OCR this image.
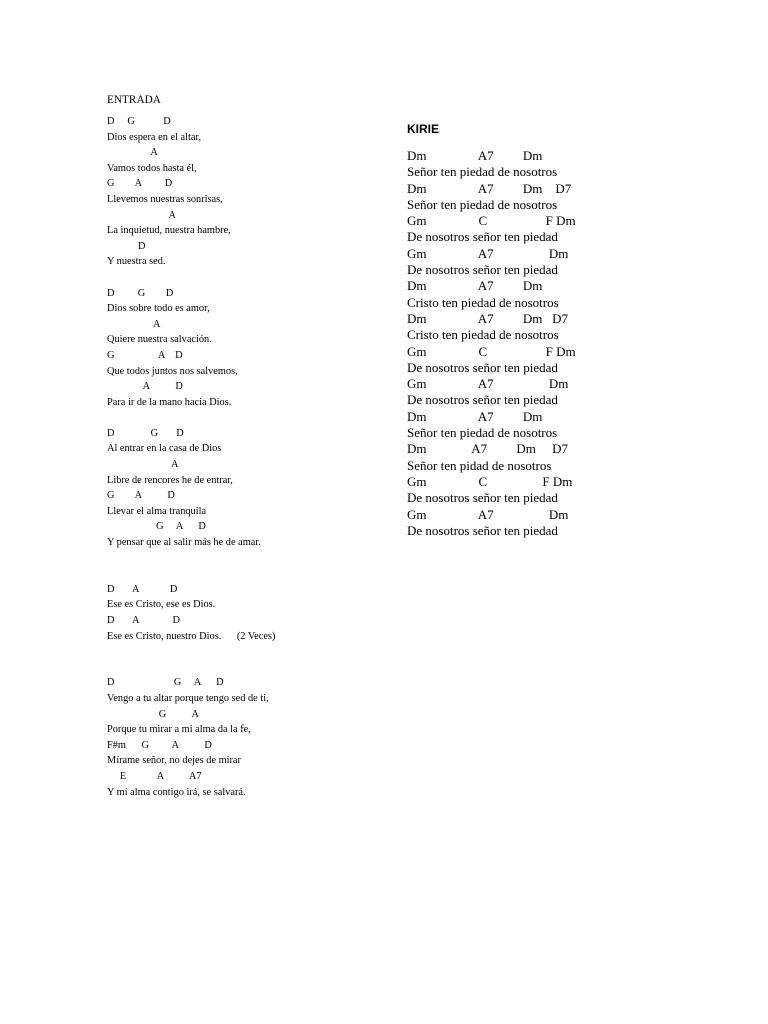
ENTRADA
D     G           D
Dios espera en el altar,
A
Vamos todos hasta él,
G        A         D
Llevemos nuestras sonrisas,
A
La inquietud, nuestra hambre,
D
Y nuestra sed.
D         G        D
Dios sobre todo es amor,
A
Quiere nuestra salvación.
G                 A    D
Que todos juntos nos salvemos,
A          D
Para ir de la mano hacia Dios.
D              G       D
Al entrar en la casa de Dios
A
Libre de rencores he de entrar,
G        A          D
Llevar el alma tranquila
G     A      D
Y pensar que al salir más he de amar.
D       A            D
Ese es Cristo, ese es Dios.
D       A             D
Ese es Cristo, nuestro Dios.      (2 Veces)
D                       G     A      D
Vengo a tu altar porque tengo sed de ti,
G          A
Porque tu mirar a mi alma da la fe,
F#m      G         A          D
Mírame señor, no dejes de mirar
E            A          A7
Y mi alma contigo irá, se salvará.
KIRIE
Dm                A7         Dm
Señor ten piedad de nosotros
Dm                A7         Dm    D7
Señor ten piedad de nosotros
Gm                C                  F Dm
De nosotros señor ten piedad
Gm                A7                 Dm
De nosotros señor ten piedad
Dm                A7         Dm
Cristo ten piedad de nosotros
Dm                A7         Dm   D7
Cristo ten piedad de nosotros
Gm                C                  F Dm
De nosotros señor ten piedad
Gm                A7                 Dm
De nosotros señor ten piedad
Dm                A7         Dm
Señor ten piedad de nosotros
Dm              A7         Dm     D7
Señor ten pidad de nosotros
Gm                C                 F Dm
De nosotros señor ten piedad
Gm                A7                 Dm
De nosotros señor ten piedad
